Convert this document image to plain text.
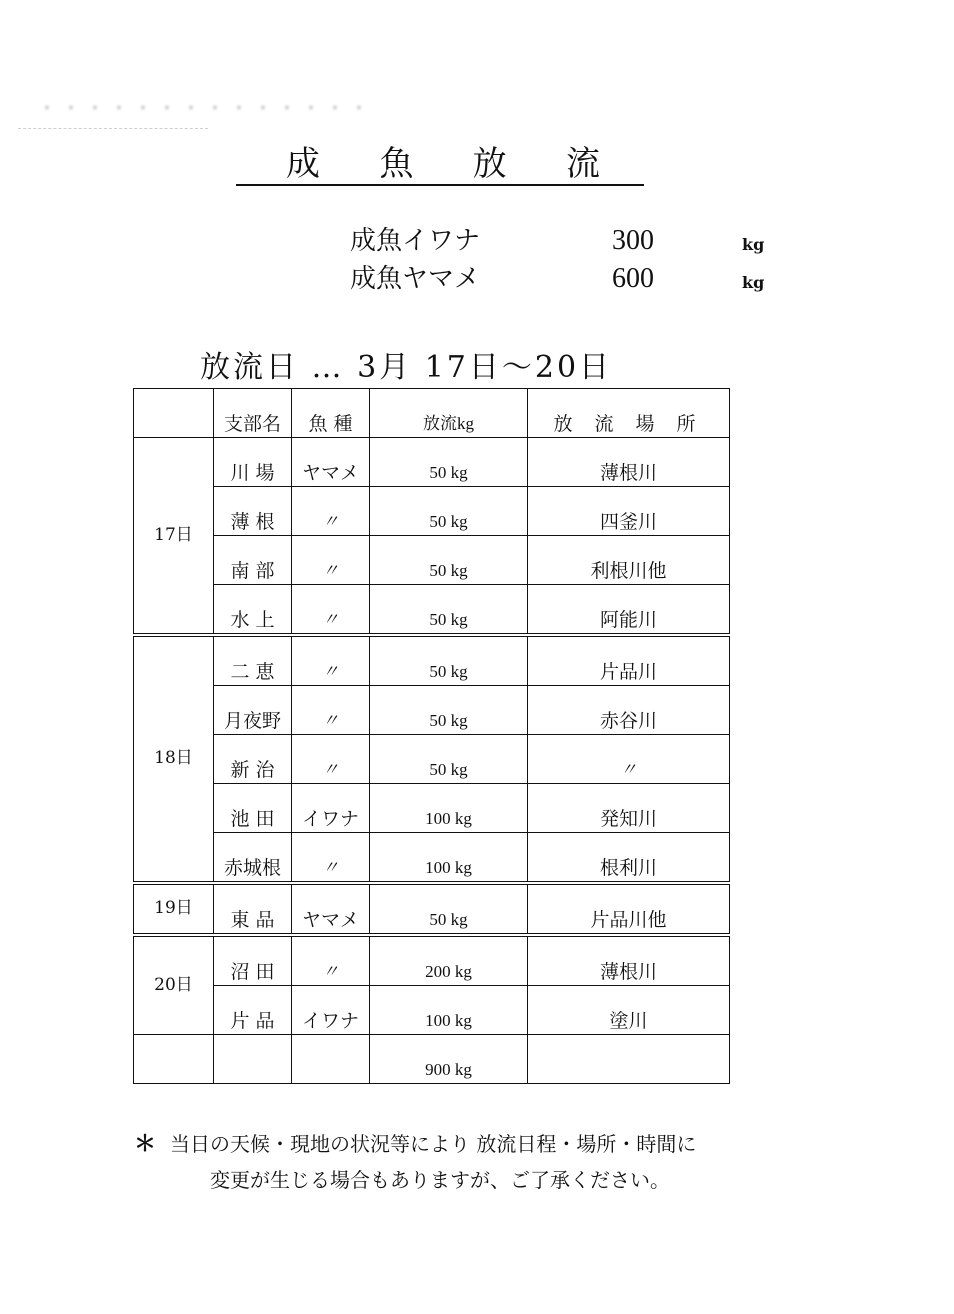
・・・・・・・・・・・・・・
成 魚 放 流
成魚イワナ	300	kg
成魚ヤマメ	600	kg
放流日 … 3月 17日〜20日
	支部名	魚 種	放流kg	放 流 場 所
17日	川 場	ヤマメ	50 kg	薄根川
	薄 根	〃	50 kg	四釜川
	南 部	〃	50 kg	利根川他
	水 上	〃	50 kg	阿能川
18日	二 恵	〃	50 kg	片品川
	月夜野	〃	50 kg	赤谷川
	新 治	〃	50 kg	〃
	池 田	イワナ	100 kg	発知川
	赤城根	〃	100 kg	根利川
19日	東 品	ヤマメ	50 kg	片品川他
20日	沼 田	〃	200 kg	薄根川
	片 品	イワナ	100 kg	塗川
			900 kg	
＊ 当日の天候・現地の状況等により 放流日程・場所・時間に
変更が生じる場合もありますが、ご了承ください。
